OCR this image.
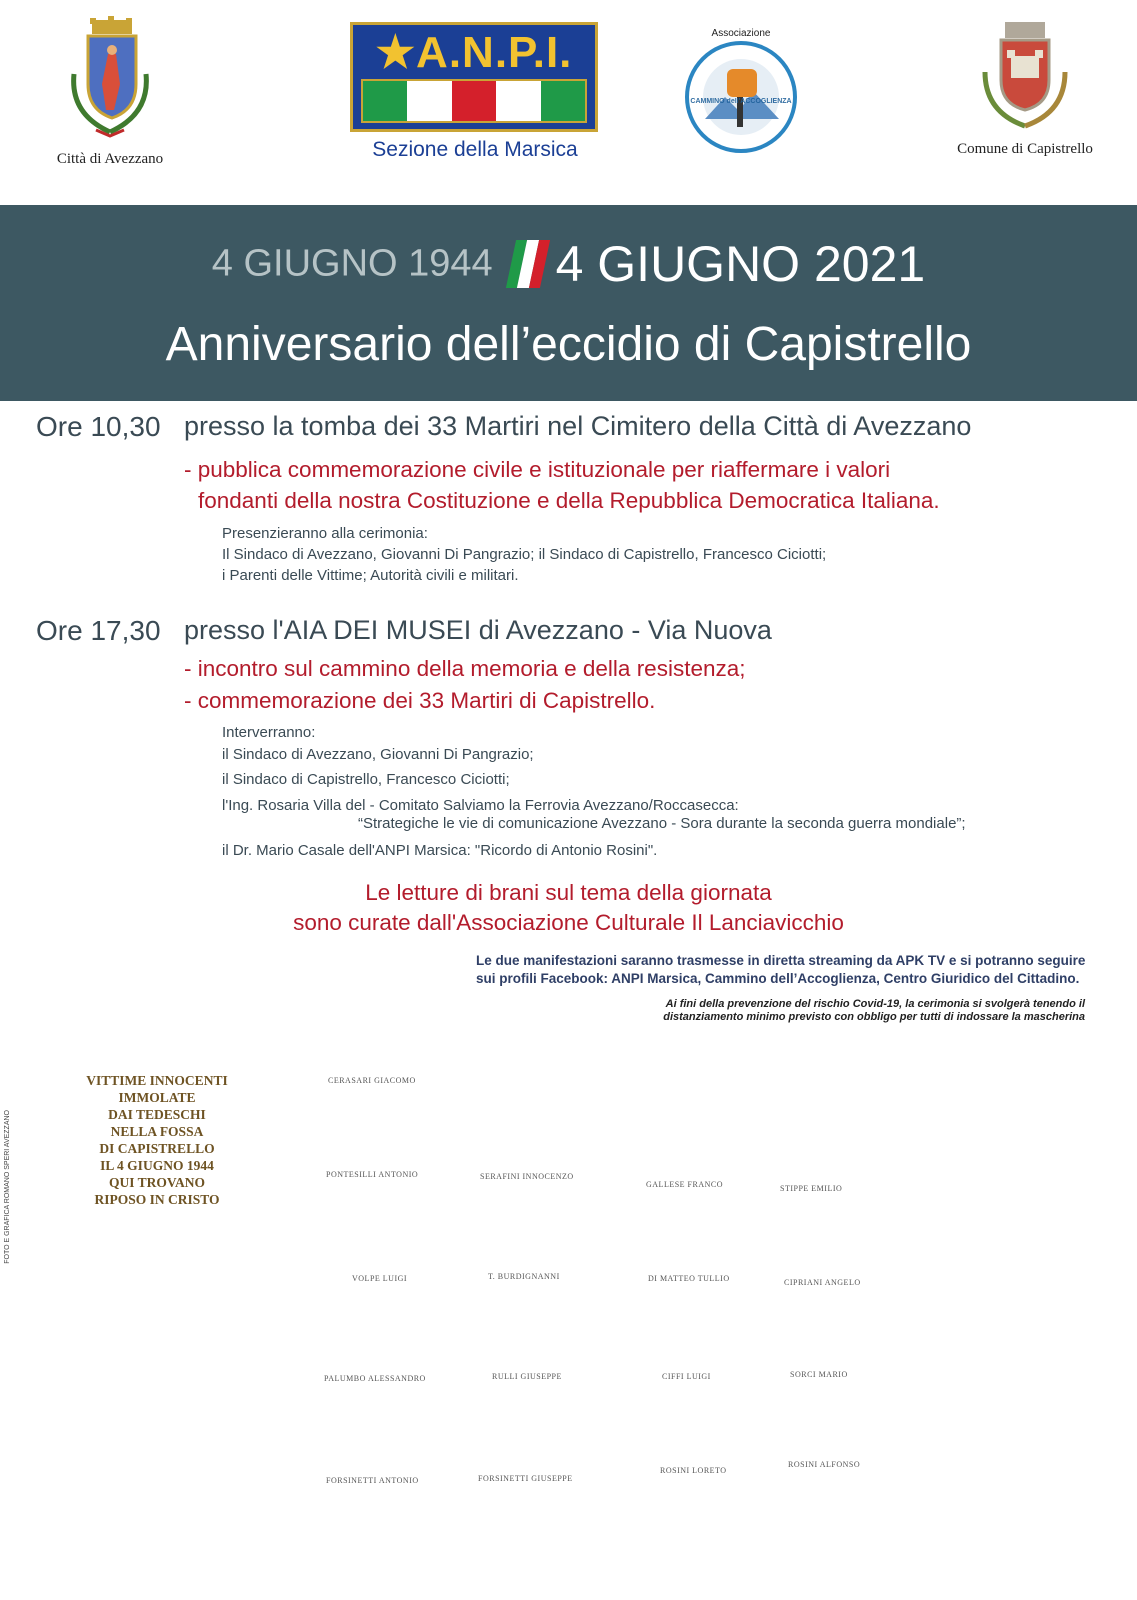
VITTIME INNOCENTI
IMMOLATE
DAI TEDESCHI
NELLA FOSSA
DI CAPISTRELLO
IL 4 GIUGNO 1944
QUI TROVANO
RIPOSO IN CRISTO
CERASARI GIACOMO
PONTESILLI ANTONIO	SERAFINI INNOCENZO
GALLESE FRANCO	STIPPE EMILIO
VOLPE LUIGI	T. BURDIGNANNI	DI MATTEO TULLIO	CIPRIANI ANGELO
PALUMBO ALESSANDRO	RULLI GIUSEPPE	CIFFI LUIGI	SORCI MARIO
FORSINETTI ANTONIO	FORSINETTI GIUSEPPE
ROSINI LORETO
ROSINI ALFONSO
FOTO E GRAFICA ROMANO SPERI AVEZZANO
Città di Avezzano
★A.N.P.I.
Sezione della Marsica
Associazione
CAMMINO dell'ACCOGLIENZA
Comune di Capistrello
4 GIUGNO 1944 4 GIUGNO 2021
Anniversario dell’eccidio di Capistrello
Ore 10,30 presso la tomba dei 33 Martiri nel Cimitero della Città di Avezzano
- pubblica commemorazione civile e istituzionale per riaffermare i valori
fondanti della nostra Costituzione e della Repubblica Democratica Italiana.
Presenzieranno alla cerimonia:
Il Sindaco di Avezzano, Giovanni Di Pangrazio; il Sindaco di Capistrello, Francesco Ciciotti;
i Parenti delle Vittime; Autorità civili e militari.
Ore 17,30 presso l'AIA DEI MUSEI di Avezzano - Via Nuova
- incontro sul cammino della memoria e della resistenza;
- commemorazione dei 33 Martiri di Capistrello.
Interverranno:
il Sindaco di Avezzano, Giovanni Di Pangrazio;
il Sindaco di Capistrello, Francesco Ciciotti;
l'Ing. Rosaria Villa del - Comitato Salviamo la Ferrovia Avezzano/Roccasecca:
“Strategiche le vie di comunicazione Avezzano - Sora durante la seconda guerra mondiale”;
il Dr. Mario Casale dell'ANPI Marsica: "Ricordo di Antonio Rosini".
Le letture di brani sul tema della giornata
sono curate dall'Associazione Culturale Il Lanciavicchio
Le due manifestazioni saranno trasmesse in diretta streaming da APK TV e si potranno seguire
sui profili Facebook: ANPI Marsica, Cammino dell’Accoglienza, Centro Giuridico del Cittadino.
Ai fini della prevenzione del rischio Covid-19, la cerimonia si svolgerà tenendo il
distanziamento minimo previsto con obbligo per tutti di indossare la mascherina
